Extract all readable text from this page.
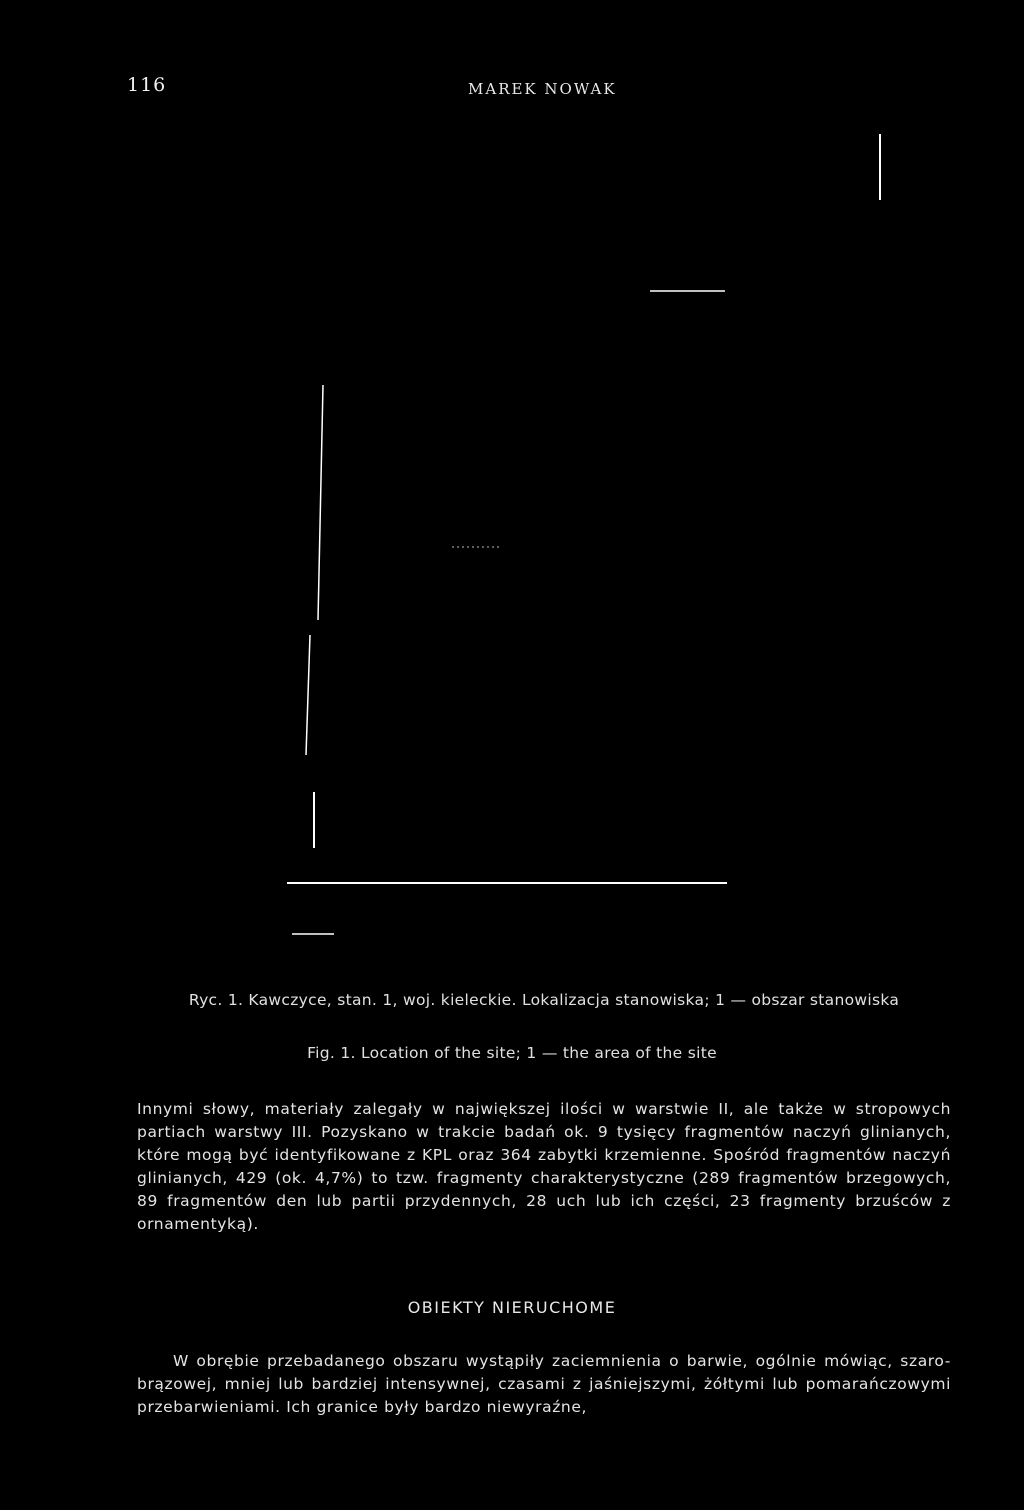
116	MAREK NOWAK
Ryc. 1. Kawczyce, stan. 1, woj. kieleckie. Lokalizacja stanowiska; 1 — obszar stanowiska
Fig. 1. Location of the site; 1 — the area of the site

Innymi słowy, materiały zalegały w największej ilości w warstwie II, ale także w stropowych partiach warstwy III. Pozyskano w trakcie badań ok. 9 tysięcy fragmentów naczyń glinianych, które mogą być identyfikowane z KPL oraz 364 zabytki krzemienne. Spośród fragmentów naczyń glinianych, 429 (ok. 4,7%) to tzw. fragmenty charakterystyczne (289 fragmentów brzegowych, 89 fragmentów den lub partii przydennych, 28 uch lub ich części, 23 fragmenty brzuśców z ornamentyką).

OBIEKTY NIERUCHOME

W obrębie przebadanego obszaru wystąpiły zaciemnienia o barwie, ogólnie mówiąc, szaro-brązowej, mniej lub bardziej intensywnej, czasami z jaśniejszymi, żółtymi lub pomarańczowymi przebarwieniami. Ich granice były bardzo niewyraźne,
